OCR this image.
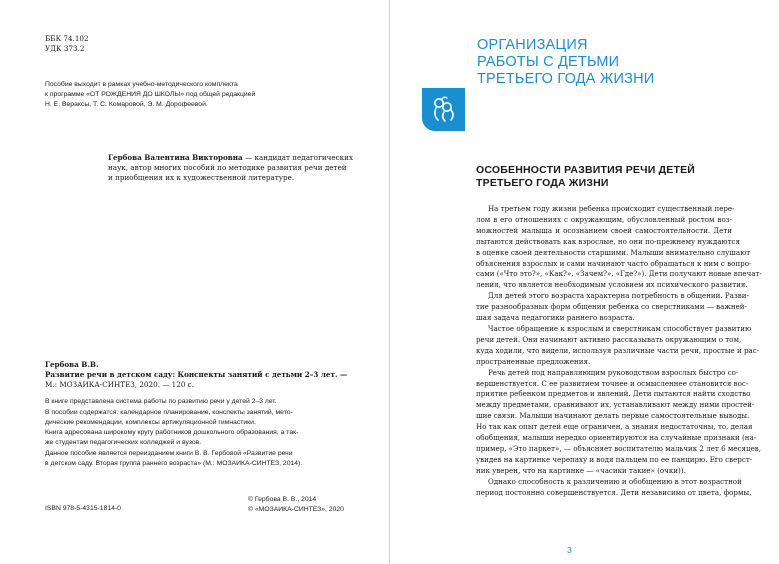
ББК 74.102
УДК 373.2
Пособие выходит в рамках учебно-методического комплекта
к программе «ОТ РОЖДЕНИЯ ДО ШКОЛЫ» под общей редакцией
Н. Е. Вераксы, Т. С. Комаровой, Э. М. Дорофеевой.
Гербова Валентина Викторовна — кандидат педагогических
наук, автор многих пособий по методике развития речи детей
и приобщения их к художественной литературе.
Гербова В.В.
Развитие речи в детском саду: Конспекты занятий с детьми 2–3 лет. —
М.: МОЗАИКА-СИНТЕЗ, 2020. — 120 с.

В книге представлена система работы по развитию речи у детей 2–3 лет.

В пособии содержатся: календарное планирование, конспекты занятий, мето-
дические рекомендации, комплексы артикуляционной гимнастики.

Книга адресована широкому кругу работников дошкольного образования, а так-
же студентам педагогических колледжей и вузов.

Данное пособие является переизданием книги В. В. Гербовой «Развитие речи
в детском саду. Вторая группа раннего возраста» (М.: МОЗАИКА-СИНТЕЗ, 2014).

ISBN 978-5-4315-1814-0
© Гербова В. В., 2014
© «МОЗАИКА-СИНТЕЗ», 2020
ОРГАНИЗАЦИЯ
РАБОТЫ С ДЕТЬМИ
ТРЕТЬЕГО ГОДА ЖИЗНИ
ОСОБЕННОСТИ РАЗВИТИЯ РЕЧИ ДЕТЕЙ
ТРЕТЬЕГО ГОДА ЖИЗНИ
На третьем году жизни ребенка происходит существенный пере-
лом в его отношениях с окружающим, обусловленный ростом воз-
можностей малыша и осознанием своей самостоятельности. Дети
пытаются действовать как взрослые, но они по-прежнему нуждаются
в оценке своей деятельности старшими. Малыши внимательно слушают
объяснения взрослых и сами начинают часто обращаться к ним с вопро-
сами («Что это?», «Как?», «Зачем?», «Где?»). Дети получают новые впечат-
ления, что является необходимым условием их психического развития.
Для детей этого возраста характерна потребность в общении. Разви-
тие разнообразных форм общения ребенка со сверстниками — важней-
шая задача педагогики раннего возраста.
Частое обращение к взрослым и сверстникам способствует развитию
речи детей. Они начинают активно рассказывать окружающим о том,
куда ходили, что видели, используя различные части речи, простые и рас-
пространенные предложения.
Речь детей под направляющим руководством взрослых быстро со-
вершенствуется. С ее развитием точнее и осмысленнее становится вос-
приятие ребенком предметов и явлений. Дети пытаются найти сходство
между предметами, сравнивают их, устанавливают между ними простей-
шие связи. Малыши начинают делать первые самостоятельные выводы.
Но так как опыт детей еще ограничен, а знания недостаточны, то, делая
обобщения, малыши нередко ориентируются на случайные признаки (на-
пример, «Это паркет», — объясняет воспитателю мальчик 2 лет 6 месяцев,
увидев на картинке черепаху и водя пальцем по ее панцирю. Его сверст-
ник уверен, что на картинке — «часики такие» (очки)).
Однако способность к различению и обобщению в этот возрастной
период постоянно совершенствуется. Дети независимо от цвета, формы,
3
